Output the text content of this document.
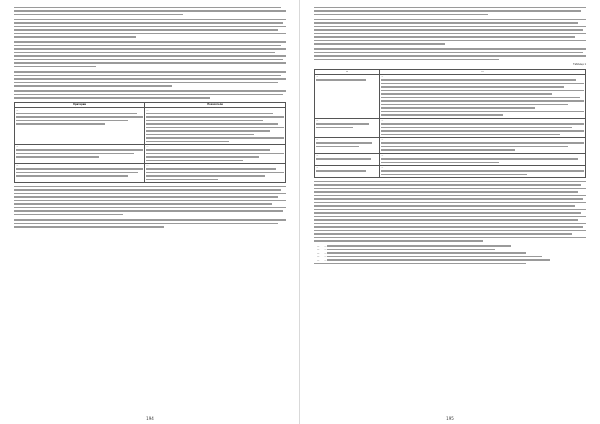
Критерии	Показатели
…	…

…	…

…	…
194
Таблица 1
…	…
…	…

…	…

…	…

…	…

…	…
— …
— …
— …
— …
— …
195
